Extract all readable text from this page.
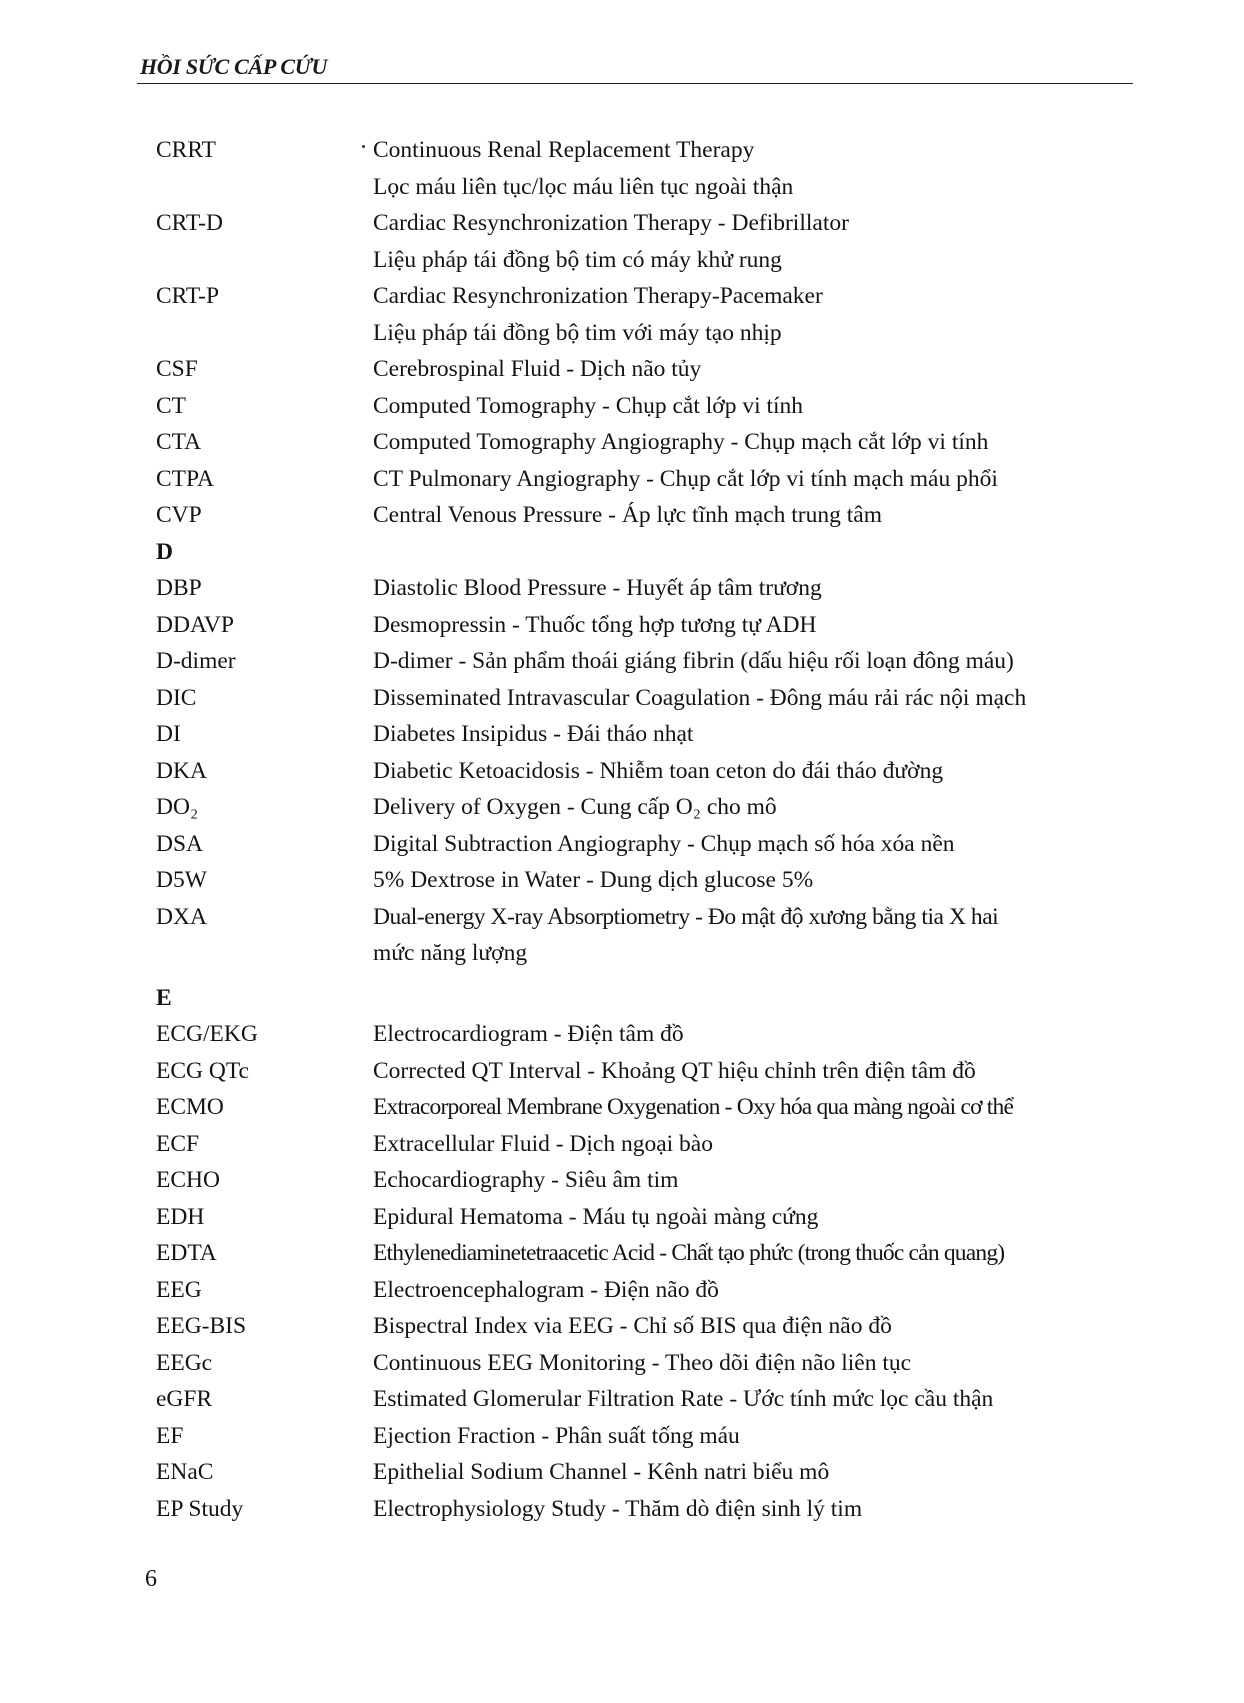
HỒI SỨC CẤP CỨU
CRRT	Continuous Renal Replacement Therapy
Lọc máu liên tục/lọc máu liên tục ngoài thận
CRT-D	Cardiac Resynchronization Therapy - Defibrillator
Liệu pháp tái đồng bộ tim có máy khử rung
CRT-P	Cardiac Resynchronization Therapy-Pacemaker
Liệu pháp tái đồng bộ tim với máy tạo nhịp
CSF	Cerebrospinal Fluid - Dịch não tủy
CT	Computed Tomography - Chụp cắt lớp vi tính
CTA	Computed Tomography Angiography - Chụp mạch cắt lớp vi tính
CTPA	CT Pulmonary Angiography - Chụp cắt lớp vi tính mạch máu phổi
CVP	Central Venous Pressure - Áp lực tĩnh mạch trung tâm
D
DBP	Diastolic Blood Pressure - Huyết áp tâm trương
DDAVP	Desmopressin - Thuốc tổng hợp tương tự ADH
D-dimer	D-dimer - Sản phẩm thoái giáng fibrin (dấu hiệu rối loạn đông máu)
DIC	Disseminated Intravascular Coagulation - Đông máu rải rác nội mạch
DI	Diabetes Insipidus - Đái tháo nhạt
DKA	Diabetic Ketoacidosis - Nhiễm toan ceton do đái tháo đường
DO₂	Delivery of Oxygen - Cung cấp O₂ cho mô
DSA	Digital Subtraction Angiography - Chụp mạch số hóa xóa nền
D5W	5% Dextrose in Water - Dung dịch glucose 5%
DXA	Dual-energy X-ray Absorptiometry - Đo mật độ xương bằng tia X hai
mức năng lượng
E
ECG/EKG	Electrocardiogram - Điện tâm đồ
ECG QTc	Corrected QT Interval - Khoảng QT hiệu chỉnh trên điện tâm đồ
ECMO	Extracorporeal Membrane Oxygenation - Oxy hóa qua màng ngoài cơ thể
ECF	Extracellular Fluid - Dịch ngoại bào
ECHO	Echocardiography - Siêu âm tim
EDH	Epidural Hematoma - Máu tụ ngoài màng cứng
EDTA	Ethylenediaminetetraacetic Acid - Chất tạo phức (trong thuốc cản quang)
EEG	Electroencephalogram - Điện não đồ
EEG-BIS	Bispectral Index via EEG - Chỉ số BIS qua điện não đồ
EEGc	Continuous EEG Monitoring - Theo dõi điện não liên tục
eGFR	Estimated Glomerular Filtration Rate - Ước tính mức lọc cầu thận
EF	Ejection Fraction - Phân suất tống máu
ENaC	Epithelial Sodium Channel - Kênh natri biểu mô
EP Study	Electrophysiology Study - Thăm dò điện sinh lý tim
6
